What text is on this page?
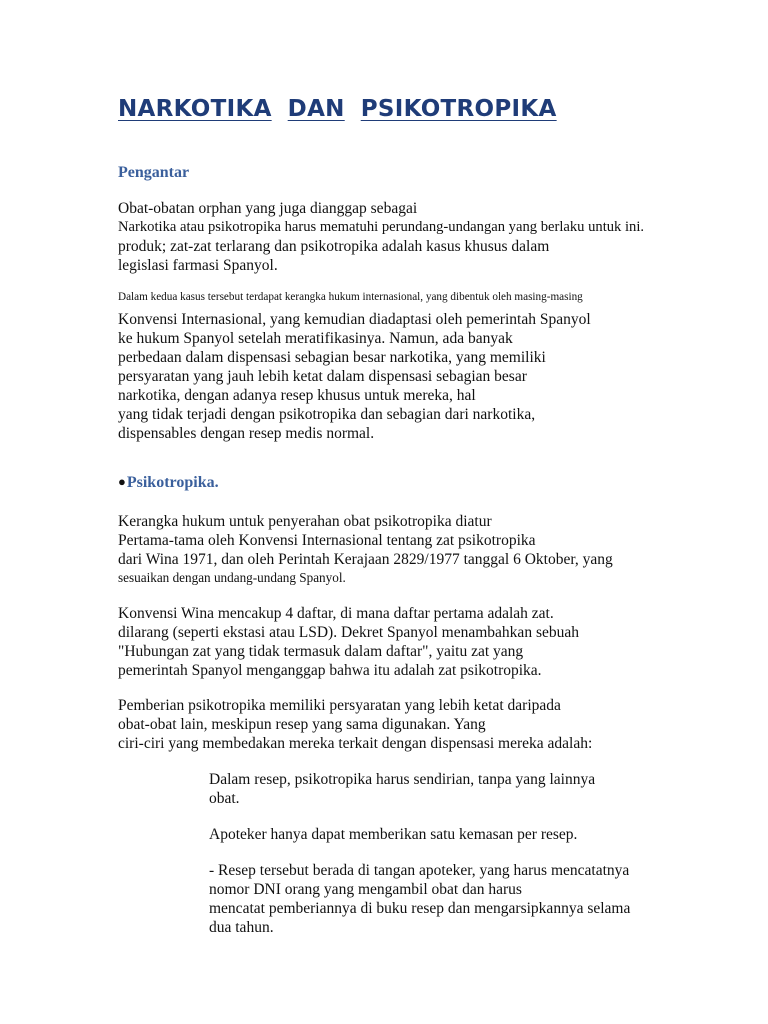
NARKOTIKA DAN PSIKOTROPIKA
Pengantar
Obat-obatan orphan yang juga dianggap sebagai
Narkotika atau psikotropika harus mematuhi perundang-undangan yang berlaku untuk ini.
produk; zat-zat terlarang dan psikotropika adalah kasus khusus dalam
legislasi farmasi Spanyol.
Dalam kedua kasus tersebut terdapat kerangka hukum internasional, yang dibentuk oleh masing-masing
Konvensi Internasional, yang kemudian diadaptasi oleh pemerintah Spanyol
ke hukum Spanyol setelah meratifikasinya. Namun, ada banyak
perbedaan dalam dispensasi sebagian besar narkotika, yang memiliki
persyaratan yang jauh lebih ketat dalam dispensasi sebagian besar
narkotika, dengan adanya resep khusus untuk mereka, hal
yang tidak terjadi dengan psikotropika dan sebagian dari narkotika,
dispensables dengan resep medis normal.
●Psikotropika.
Kerangka hukum untuk penyerahan obat psikotropika diatur
Pertama-tama oleh Konvensi Internasional tentang zat psikotropika
dari Wina 1971, dan oleh Perintah Kerajaan 2829/1977 tanggal 6 Oktober, yang
sesuaikan dengan undang-undang Spanyol.
Konvensi Wina mencakup 4 daftar, di mana daftar pertama adalah zat.
dilarang (seperti ekstasi atau LSD). Dekret Spanyol menambahkan sebuah
"Hubungan zat yang tidak termasuk dalam daftar", yaitu zat yang
pemerintah Spanyol menganggap bahwa itu adalah zat psikotropika.
Pemberian psikotropika memiliki persyaratan yang lebih ketat daripada
obat-obat lain, meskipun resep yang sama digunakan. Yang
ciri-ciri yang membedakan mereka terkait dengan dispensasi mereka adalah:
Dalam resep, psikotropika harus sendirian, tanpa yang lainnya
obat.
Apoteker hanya dapat memberikan satu kemasan per resep.
- Resep tersebut berada di tangan apoteker, yang harus mencatatnya
nomor DNI orang yang mengambil obat dan harus
mencatat pemberiannya di buku resep dan mengarsipkannya selama
dua tahun.
